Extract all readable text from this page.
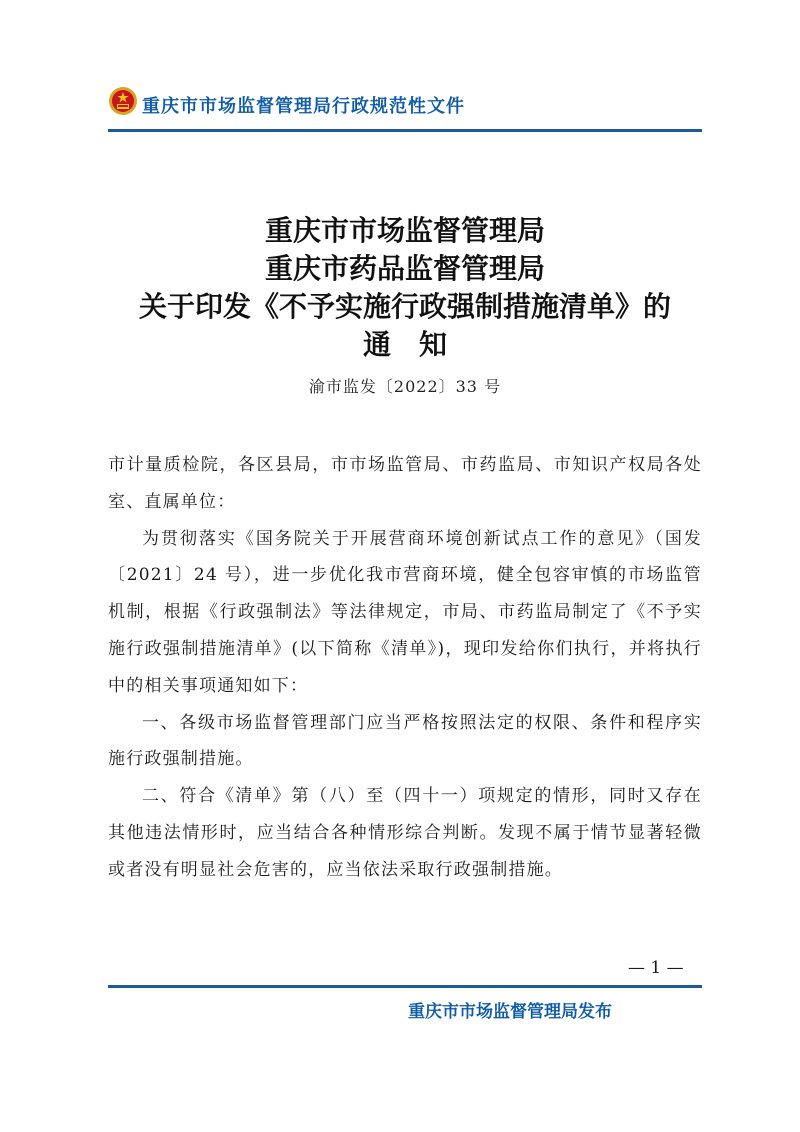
重庆市市场监督管理局行政规范性文件
重庆市市场监督管理局
重庆市药品监督管理局
关于印发《不予实施行政强制措施清单》的
通知
渝市监发〔2022〕33 号

市计量质检院，各区县局，市市场监管局、市药监局、市知识产权局各处室、直属单位：

为贯彻落实《国务院关于开展营商环境创新试点工作的意见》（国发〔2021〕24 号），进一步优化我市营商环境，健全包容审慎的市场监管机制，根据《行政强制法》等法律规定，市局、市药监局制定了《不予实施行政强制措施清单》(以下简称《清单》)，现印发给你们执行，并将执行中的相关事项通知如下：

一、各级市场监督管理部门应当严格按照法定的权限、条件和程序实施行政强制措施。

二、符合《清单》第（八）至（四十一）项规定的情形，同时又存在其他违法情形时，应当结合各种情形综合判断。发现不属于情节显著轻微或者没有明显社会危害的，应当依法采取行政强制措施。

— 1 —
重庆市市场监督管理局发布
